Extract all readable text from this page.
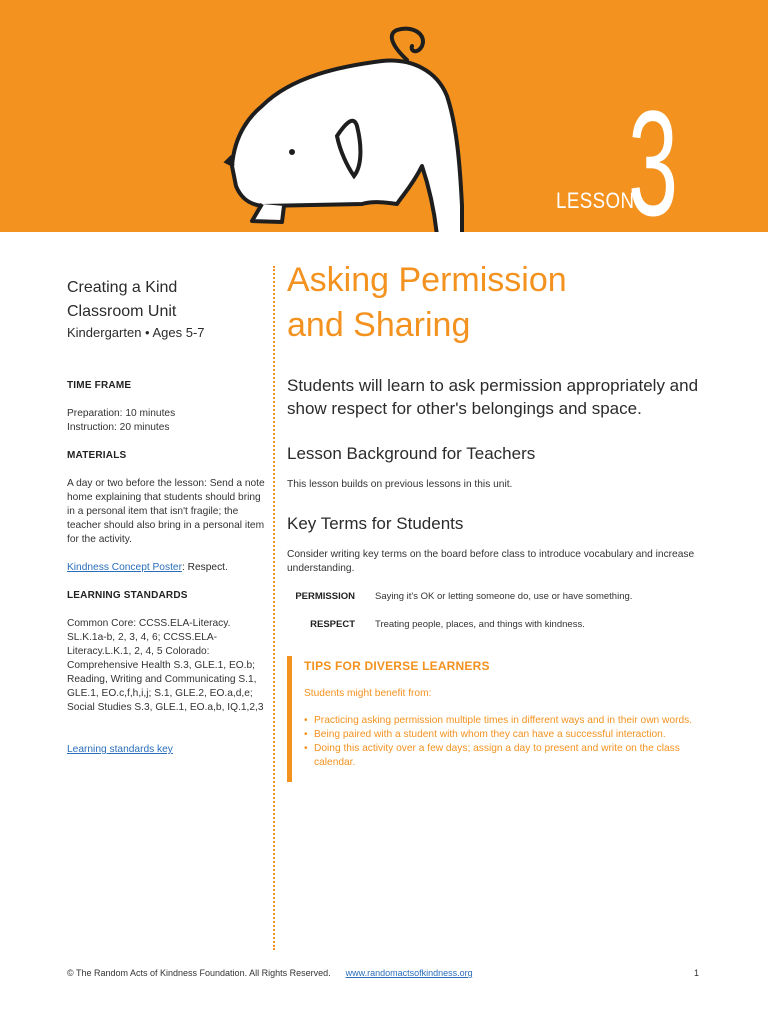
LESSON
3
Creating a Kind
Classroom Unit
Kindergarten • Ages 5-7
TIME FRAME
Preparation: 10 minutes
Instruction: 20 minutes
MATERIALS
A day or two before the lesson: Send a note home explaining that students should bring in a personal item that isn't fragile; the teacher should also bring in a personal item for the activity.
Kindness Concept Poster: Respect.
LEARNING STANDARDS
Common Core: CCSS.ELA-Literacy. SL.K.1a-b, 2, 3, 4, 6; CCSS.ELA-Literacy.L.K.1, 2, 4, 5 Colorado: Comprehensive Health S.3, GLE.1, EO.b; Reading, Writing and Communicating S.1, GLE.1, EO.c,f,h,i,j; S.1, GLE.2, EO.a,d,e; Social Studies S.3, GLE.1, EO.a,b, IQ.1,2,3
Learning standards key
Asking Permission
and Sharing
Students will learn to ask permission appropriately and show respect for other's belongings and space.
Lesson Background for Teachers
This lesson builds on previous lessons in this unit.
Key Terms for Students
Consider writing key terms on the board before class to introduce vocabulary and increase understanding.
PERMISSION Saying it's OK or letting someone do, use or have something.
RESPECT Treating people, places, and things with kindness.
TIPS FOR DIVERSE LEARNERS
Students might benefit from:
• Practicing asking permission multiple times in different ways and in their own words.
• Being paired with a student with whom they can have a successful interaction.
• Doing this activity over a few days; assign a day to present and write on the class calendar.
© The Random Acts of Kindness Foundation. All Rights Reserved. www.randomactsofkindness.org	1
